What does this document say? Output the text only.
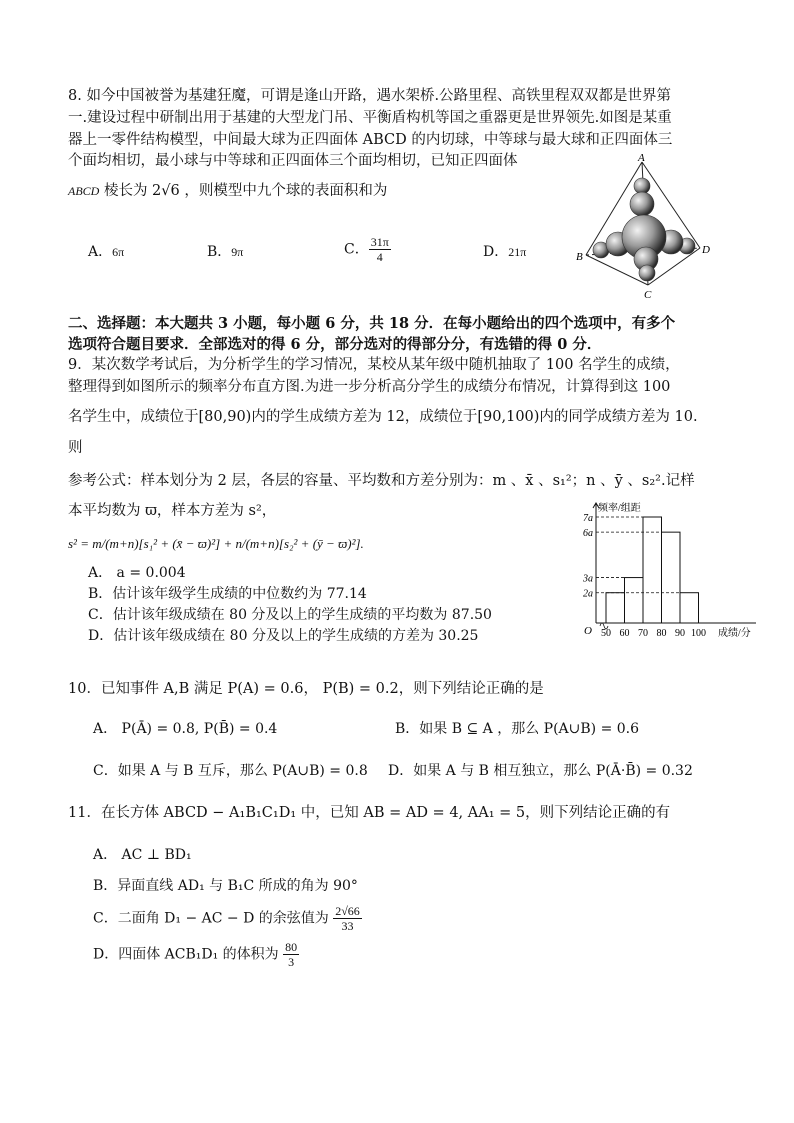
8. 如今中国被誉为基建狂魔，可谓是逢山开路，遇水架桥.公路里程、高铁里程双双都是世界第
一.建设过程中研制出用于基建的大型龙门吊、平衡盾构机等国之重器更是世界领先.如图是某重
器上一零件结构模型，中间最大球为正四面体 ABCD 的内切球，中等球与最大球和正四面体三
个面均相切，最小球与中等球和正四面体三个面均相切，已知正四面体
ABCD 棱长为 2√6 ，则模型中九个球的表面积和为
A．6π	B．9π	C． $\frac{31\pi}{4}$	D．21π
A
B
C
D
二、选择题：本大题共 3 小题，每小题 6 分，共 18 分．在每小题给出的四个选项中，有多个
选项符合题目要求．全部选对的得 6 分，部分选对的得部分分，有选错的得 0 分．
9．某次数学考试后，为分析学生的学习情况，某校从某年级中随机抽取了 100 名学生的成绩，
整理得到如图所示的频率分布直方图.为进一步分析高分学生的成绩分布情况，计算得到这 100
名学生中，成绩位于[80,90)内的学生成绩方差为 12，成绩位于[90,100)内的同学成绩方差为 10.
则
参考公式：样本划分为 2 层，各层的容量、平均数和方差分别为：m 、x̄ 、s₁²；n 、ȳ 、s₂².记样
本平均数为 ϖ，样本方差为 s²，
s² = m/(m+n)[s₁² + (x̄ − ϖ)²] + n/(m+n)[s₂² + (ȳ − ϖ)²].
A． a = 0.004
B．估计该年级学生成绩的中位数约为 77.14
C．估计该年级成绩在 80 分及以上的学生成绩的平均数为 87.50
D．估计该年级成绩在 80 分及以上的学生成绩的方差为 30.25
2a
3a
6a
7a
50 60 70 80 90 100 成绩/分
频率/组距
O
10．已知事件 A,B 满足 P(A) = 0.6， P(B) = 0.2，则下列结论正确的是
A． P(Ā) = 0.8, P(B̄) = 0.4	B．如果 B ⊆ A ，那么 P(A∪B) = 0.6
C．如果 A 与 B 互斥，那么 P(A∪B) = 0.8 D．如果 A 与 B 相互独立，那么 P(Ā·B̄) = 0.32
11．在长方体 ABCD − A₁B₁C₁D₁ 中，已知 AB = AD = 4, AA₁ = 5，则下列结论正确的有
A． AC ⊥ BD₁
B．异面直线 AD₁ 与 B₁C 所成的角为 90°
C．二面角 D₁ − AC − D 的余弦值为 $\frac{2√66}{33}$
D．四面体 ACB₁D₁ 的体积为 $\frac{80}{3}$
